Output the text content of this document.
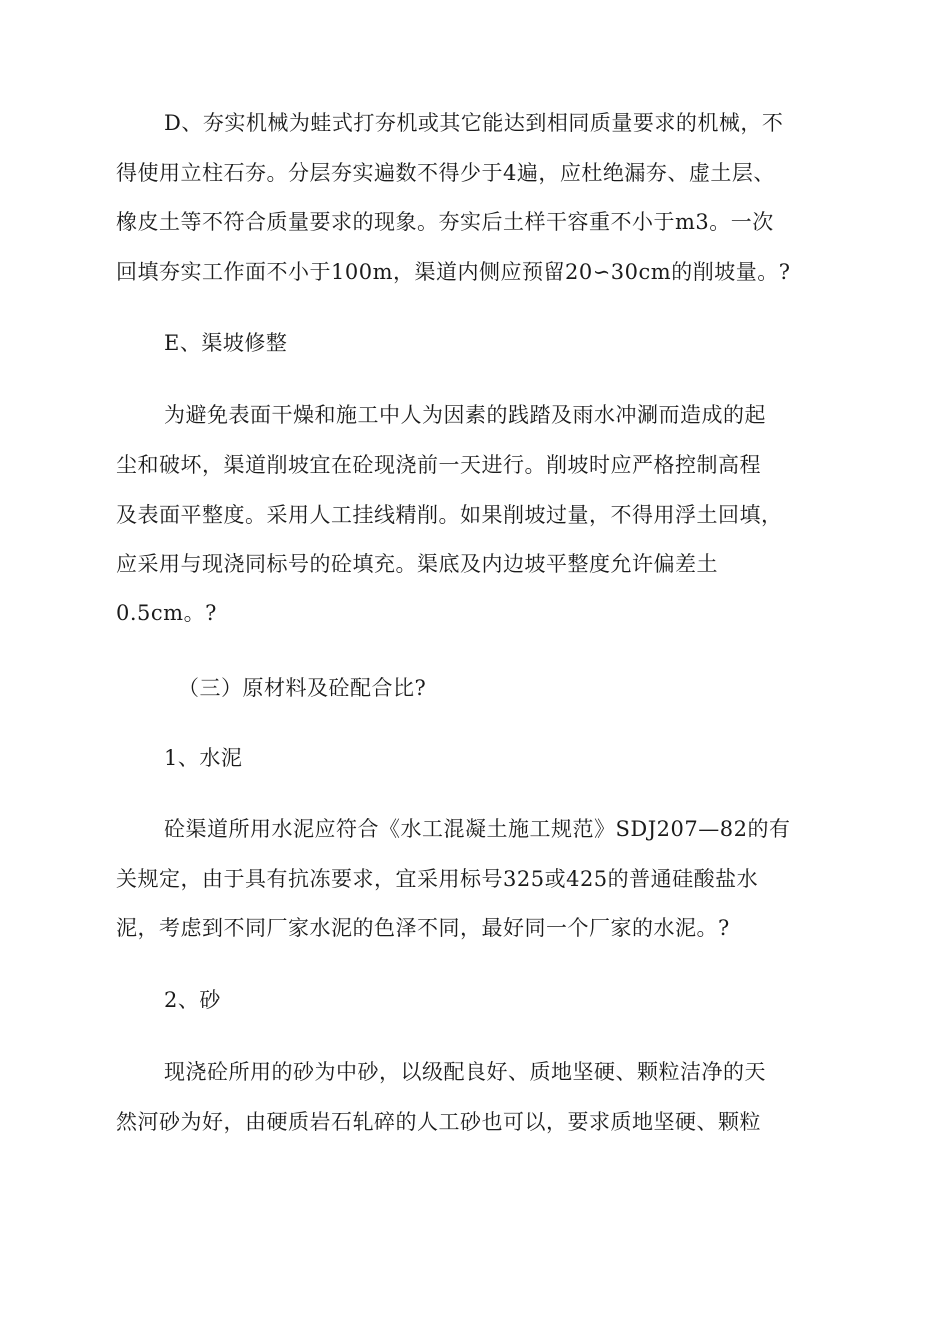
D、夯实机械为蛙式打夯机或其它能达到相同质量要求的机械，不
得使用立柱石夯。分层夯实遍数不得少于4遍，应杜绝漏夯、虚土层、
橡皮土等不符合质量要求的现象。夯实后土样干容重不小于m3。一次
回填夯实工作面不小于100m，渠道内侧应预留20∽30cm的削坡量。?
E、渠坡修整
为避免表面干燥和施工中人为因素的践踏及雨水冲涮而造成的起
尘和破坏，渠道削坡宜在砼现浇前一天进行。削坡时应严格控制高程
及表面平整度。采用人工挂线精削。如果削坡过量，不得用浮土回填，
应采用与现浇同标号的砼填充。渠底及内边坡平整度允许偏差土
0.5cm。?
（三）原材料及砼配合比?
1、水泥
砼渠道所用水泥应符合《水工混凝土施工规范》SDJ207—82的有
关规定，由于具有抗冻要求，宜采用标号325或425的普通硅酸盐水
泥，考虑到不同厂家水泥的色泽不同，最好同一个厂家的水泥。?
2、砂
现浇砼所用的砂为中砂，以级配良好、质地坚硬、颗粒洁净的天
然河砂为好，由硬质岩石轧碎的人工砂也可以，要求质地坚硬、颗粒
